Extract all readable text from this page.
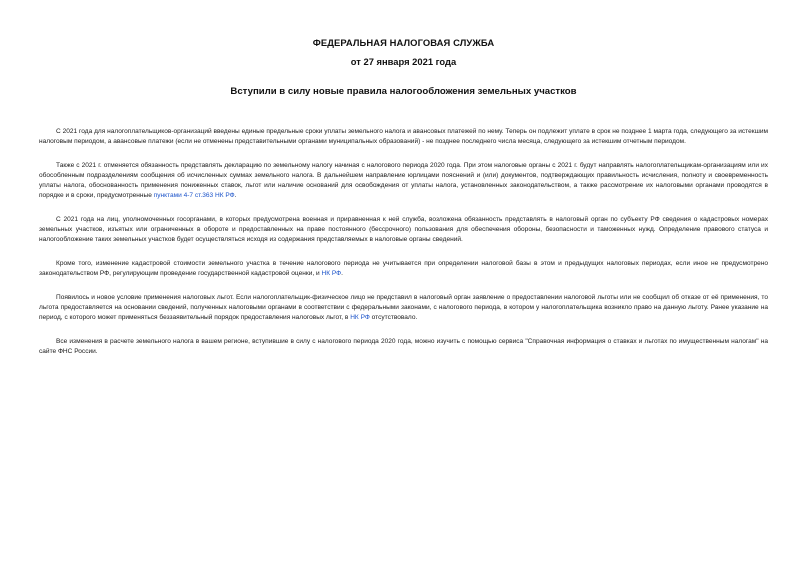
ФЕДЕРАЛЬНАЯ НАЛОГОВАЯ СЛУЖБА
от 27 января 2021 года
Вступили в силу новые правила налогообложения земельных участков

С 2021 года для налогоплательщиков-организаций введены единые предельные сроки уплаты земельного налога и авансовых платежей по нему. Теперь он подлежит уплате в срок не позднее 1 марта года, следующего за истекшим налоговым периодом, а авансовые платежи (если не отменены представительными органами муниципальных образований) - не позднее последнего числа месяца, следующего за истекшим отчетным периодом.

Также с 2021 г. отменяется обязанность представлять декларацию по земельному налогу начиная с налогового периода 2020 года. При этом налоговые органы с 2021 г. будут направлять налогоплательщикам-организациям или их обособленным подразделениям сообщения об исчисленных суммах земельного налога. В дальнейшем направление юрлицами пояснений и (или) документов, подтверждающих правильность исчисления, полноту и своевременность уплаты налога, обоснованность применения пониженных ставок, льгот или наличие оснований для освобождения от уплаты налога, установленных законодательством, а также рассмотрение их налоговыми органами проводятся в порядке и в сроки, предусмотренные пунктами 4-7 ст.363 НК РФ.

С 2021 года на лиц, уполномоченных госорганами, в которых предусмотрена военная и приравненная к ней служба, возложена обязанность представлять в налоговый орган по субъекту РФ сведения о кадастровых номерах земельных участков, изъятых или ограниченных в обороте и предоставленных на праве постоянного (бессрочного) пользования для обеспечения обороны, безопасности и таможенных нужд. Определение правового статуса и налогообложение таких земельных участков будет осуществляться исходя из содержания представляемых в налоговые органы сведений.

Кроме того, изменение кадастровой стоимости земельного участка в течение налогового периода не учитывается при определении налоговой базы в этом и предыдущих налоговых периодах, если иное не предусмотрено законодательством РФ, регулирующим проведение государственной кадастровой оценки, и НК РФ.

Появилось и новое условие применения налоговых льгот. Если налогоплательщик-физическое лицо не представил в налоговый орган заявление о предоставлении налоговой льготы или не сообщил об отказе от её применения, то льгота предоставляется на основании сведений, полученных налоговыми органами в соответствии с федеральными законами, с налогового периода, в котором у налогоплательщика возникло право на данную льготу. Ранее указание на период, с которого может применяться беззаявительный порядок предоставления налоговых льгот, в НК РФ отсутствовало.

Все изменения в расчете земельного налога в вашем регионе, вступившие в силу с налогового периода 2020 года, можно изучить с помощью сервиса "Справочная информация о ставках и льготах по имущественным налогам" на сайте ФНС России.
